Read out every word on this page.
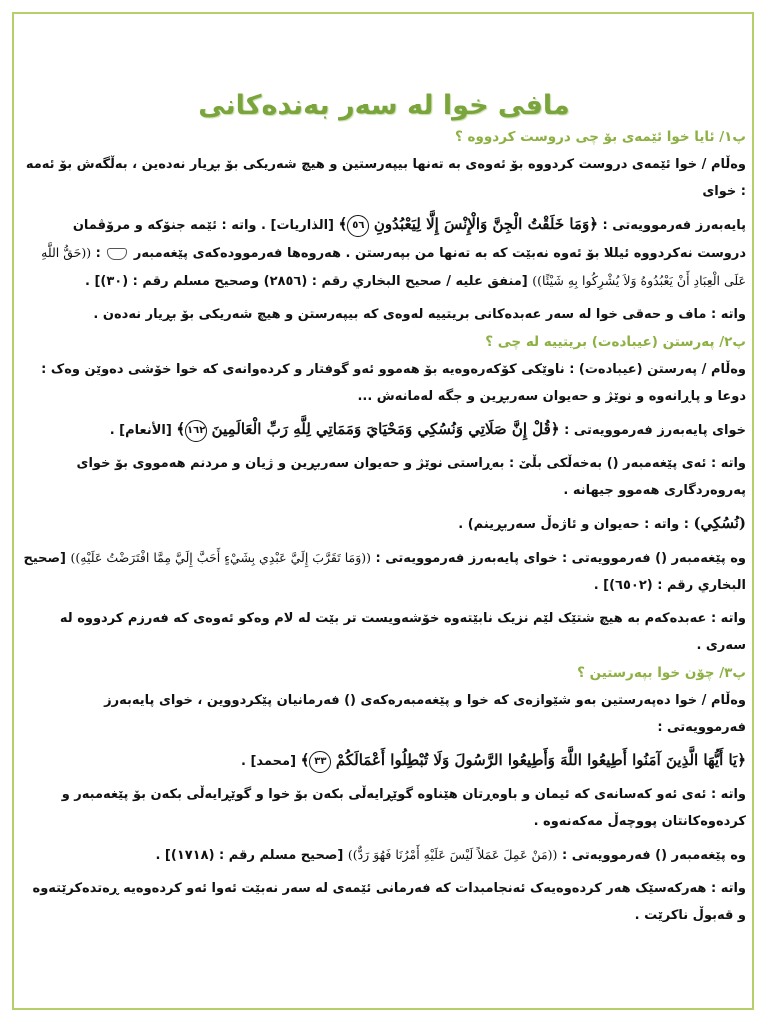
مافی خوا لە سەر بەندەکانی
پ١/ ئایا خوا ئێمەی بۆ چی دروست کردووە ؟

وەڵام / خوا ئێمەی دروست کردووە بۆ ئەوەی بە تەنها بیپەرستین و هیچ شەریکی بۆ بڕیار نەدەین ، بەڵگەش بۆ ئەمە : خوای

پایەبەرز فەرموویەتی : ﴿وَمَا خَلَقْتُ الْجِنَّ وَالْإِنْسَ إِلَّا لِيَعْبُدُونِ ٥٦﴾ [الذاريات] . واتە : ئێمە جنۆکە و مرۆڤمان دروست نەکردووە ئیللا بۆ ئەوە نەبێت کە بە تەنها من بپەرستن . هەروەها فەرموودەکەی پێغەمبەر  : ((حَقُّ اللَّهِ عَلَى الْعِبَادِ أَنْ يَعْبُدُوهُ وَلاَ يُشْرِكُوا بِهِ شَيْئًا)) [منفق عليه / صحيح البخاري رقم : (٢٨٥٦) وصحيح مسلم رقم : (٣٠)] .

واتە : ماف و حەقی خوا لە سەر عەبدەکانی بریتییە لەوەی کە بیپەرستن و هیچ شەریکی بۆ بڕیار نەدەن .

پ٢/ پەرستن (عیبادەت) بریتییە لە چی ؟

وەڵام / پەرستن (عیبادەت) : ناوێکی کۆکەرەوەیە بۆ هەموو ئەو گوفتار و کردەوانەی کە خوا خۆشی دەوێن وەک : دوعا و پاڕانەوە و نوێژ و حەیوان سەربڕین و جگە لەمانەش ...

خوای پایەبەرز فەرموویەتی : ﴿قُلْ إِنَّ صَلَاتِي وَنُسُكِي وَمَحْيَايَ وَمَمَاتِي لِلَّهِ رَبِّ الْعَالَمِينَ ١٦٢﴾ [الأنعام] .

واتە : ئەی پێغەمبەر () بەخەڵکی بڵێ : بەڕاستی نوێژ و حەیوان سەربڕین و ژیان و مردنم هەمووی بۆ خوای پەروەردگاری هەموو جیهانە .

(نُسُكِي) : واتە : حەیوان و ئاژەڵ سەربڕینم) .

وە پێغەمبەر () فەرموویەتی : خوای پایەبەرز فەرموویەتی : ((وَمَا تَقَرَّبَ إِلَيَّ عَبْدِي بِشَيْءٍ أَحَبَّ إِلَيَّ مِمَّا افْتَرَضْتُ عَلَيْهِ)) [صحيح البخاري رقم : (٦٥٠٢)] .

واتە : عەبدەکەم بە هیچ شتێک لێم نزیک نابێتەوە خۆشەویست تر بێت لە لام وەکو ئەوەی کە فەرزم کردووە لە سەری .

پ٣/ چۆن خوا بپەرستین ؟

وەڵام / خوا دەپەرستین بەو شێوازەی کە خوا و پێغەمبەرەکەی () فەرمانیان پێکردووین ، خوای پایەبەرز فەرموویەتی :

﴿يَا أَيُّهَا الَّذِينَ آمَنُوا أَطِيعُوا اللَّهَ وَأَطِيعُوا الرَّسُولَ وَلَا تُبْطِلُوا أَعْمَالَكُمْ ٣٣﴾ [محمد] .

واتە : ئەی ئەو کەسانەی کە ئیمان و باوەڕتان هێناوە گوێڕایەڵی بکەن بۆ خوا و گوێڕایەڵی بکەن بۆ پێغەمبەر و کردەوەکانتان پووچەڵ مەکەنەوە .

وە پێغەمبەر () فەرموویەتی : ((مَنْ عَمِلَ عَمَلاً لَيْسَ عَلَيْهِ أَمْرُنَا فَهُوَ رَدٌّ)) [صحيح مسلم رقم : (١٧١٨)] .

واتە : هەرکەسێک هەر کردەوەیەک ئەنجامبدات کە فەرمانی ئێمەی لە سەر نەبێت ئەوا ئەو کردەوەیە ڕەتدەکرێتەوە و قەبوڵ ناکرێت .
